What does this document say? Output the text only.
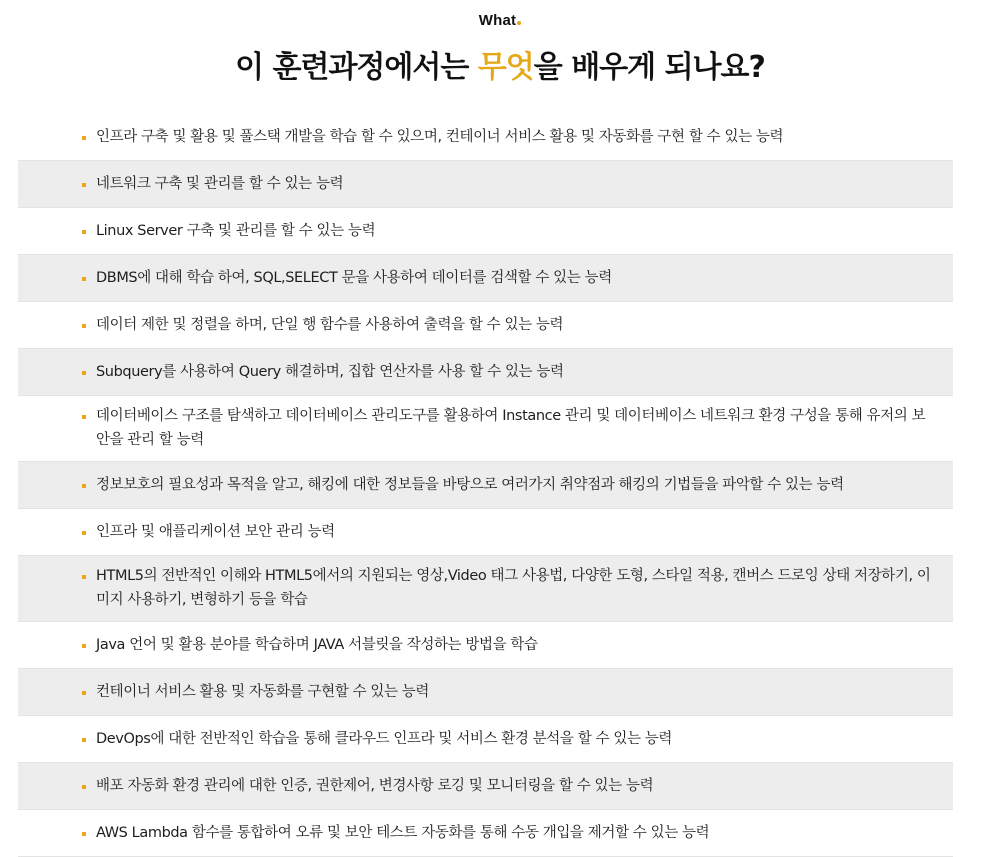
What
이 훈련과정에서는 무엇을 배우게 되나요?
인프라 구축 및 활용 및 풀스택 개발을 학습 할 수 있으며, 컨테이너 서비스 활용 및 자동화를 구현 할 수 있는 능력
네트워크 구축 및 관리를 할 수 있는 능력
Linux Server 구축 및 관리를 할 수 있는 능력
DBMS에 대해 학습 하여, SQL,SELECT 문을 사용하여 데이터를 검색할 수 있는 능력
데이터 제한 및 정렬을 하며, 단일 행 함수를 사용하여 출력을 할 수 있는 능력
Subquery를 사용하여 Query 해결하며, 집합 연산자를 사용 할 수 있는 능력
데이터베이스 구조를 탐색하고 데이터베이스 관리도구를 활용하여 Instance 관리 및 데이터베이스 네트워크 환경 구성을 통해 유저의 보안을 관리 할 능력
정보보호의 필요성과 목적을 알고, 해킹에 대한 정보들을 바탕으로 여러가지 취약점과 해킹의 기법들을 파악할 수 있는 능력
인프라 및 애플리케이션 보안 관리 능력
HTML5의 전반적인 이해와 HTML5에서의 지원되는 영상,Video 태그 사용법, 다양한 도형, 스타일 적용, 캔버스 드로잉 상태 저장하기, 이미지 사용하기, 변형하기 등을 학습
Java 언어 및 활용 분야를 학습하며 JAVA 서블릿을 작성하는 방법을 학습
컨테이너 서비스 활용 및 자동화를 구현할 수 있는 능력
DevOps에 대한 전반적인 학습을 통해 클라우드 인프라 및 서비스 환경 분석을 할 수 있는 능력
배포 자동화 환경 관리에 대한 인증, 권한제어, 변경사항 로깅 및 모니터링을 할 수 있는 능력
AWS Lambda 함수를 통합하여 오류 및 보안 테스트 자동화를 통해 수동 개입을 제거할 수 있는 능력
